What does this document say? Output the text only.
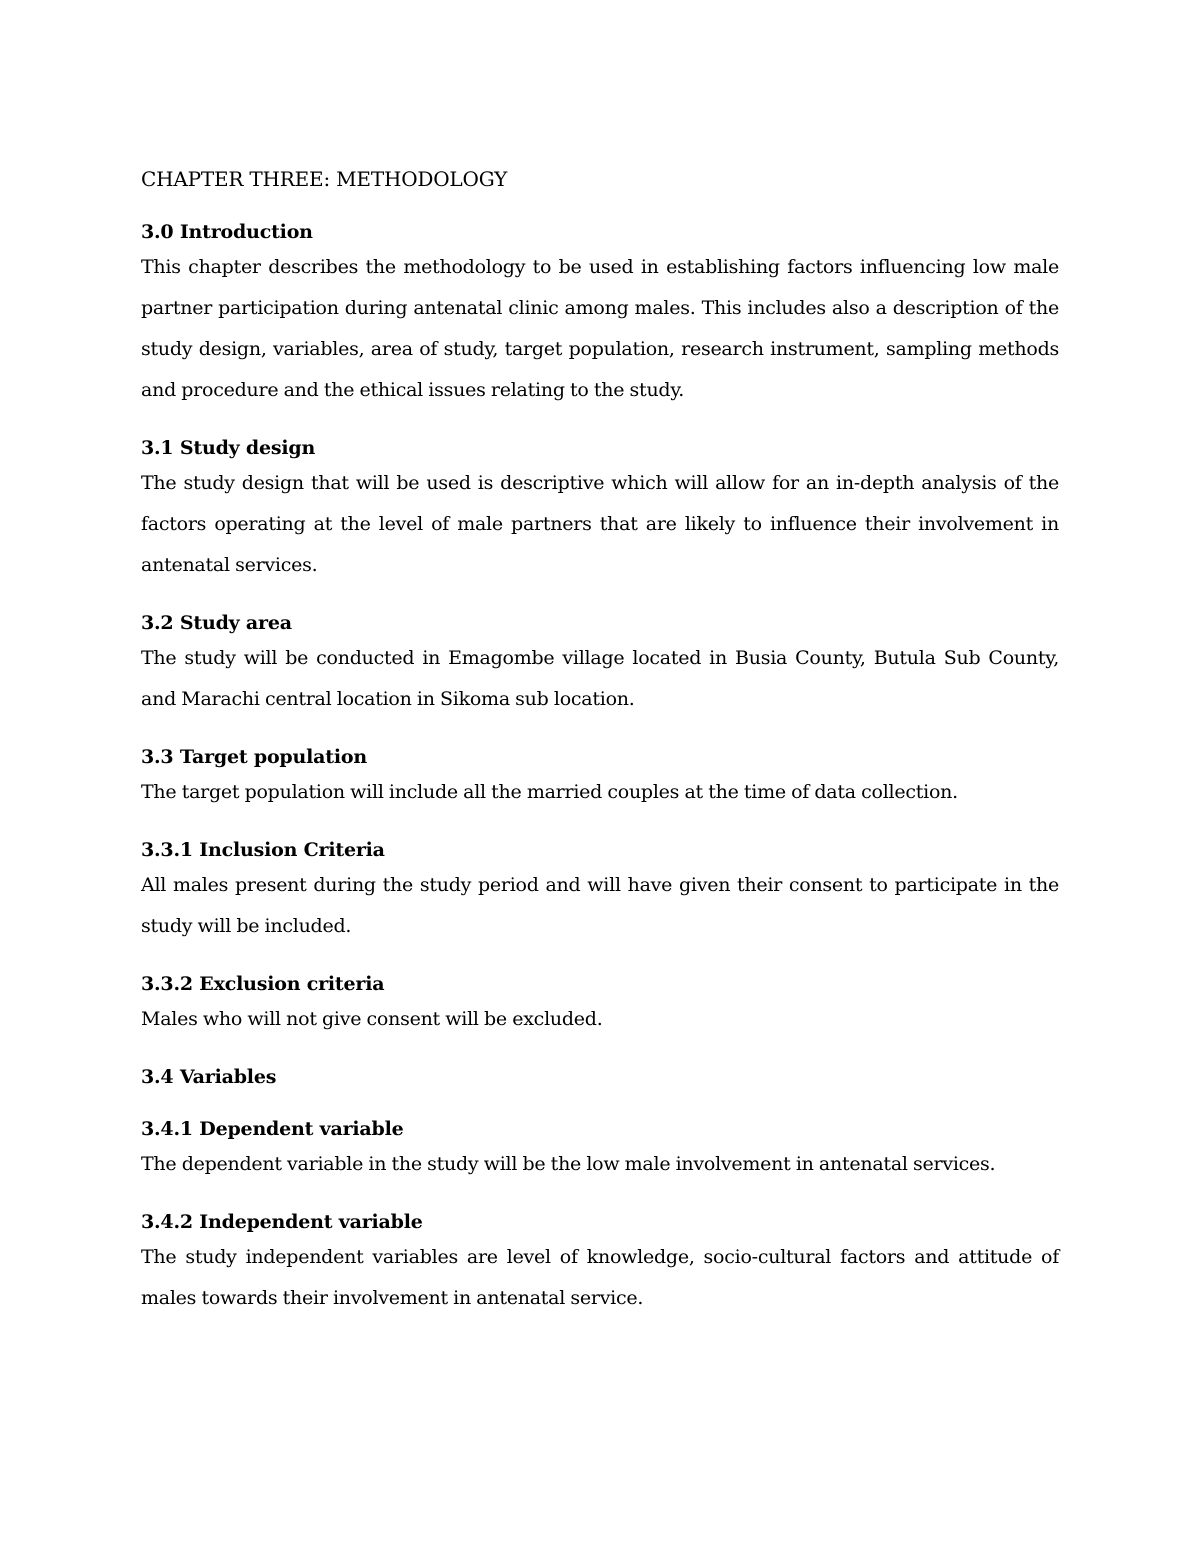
CHAPTER THREE: METHODOLOGY
3.0 Introduction

This chapter describes the methodology to be used in establishing factors influencing low male partner participation during antenatal clinic among males. This includes also a description of the study design, variables, area of study, target population, research instrument, sampling methods and procedure and the ethical issues relating to the study.

3.1 Study design

The study design that will be used is descriptive which will allow for an in-depth analysis of the factors operating at the level of male partners that are likely to influence their involvement in antenatal services.

3.2 Study area

The study will be conducted in Emagombe village located in Busia County, Butula Sub County, and Marachi central location in Sikoma sub location.

3.3 Target population

The target population will include all the married couples at the time of data collection.

3.3.1 Inclusion Criteria

All males present during the study period and will have given their consent to participate in the study will be included.

3.3.2 Exclusion criteria

Males who will not give consent will be excluded.

3.4 Variables
3.4.1 Dependent variable

The dependent variable in the study will be the low male involvement in antenatal services.

3.4.2 Independent variable

The study independent variables are level of knowledge, socio-cultural factors and attitude of males towards their involvement in antenatal service.
